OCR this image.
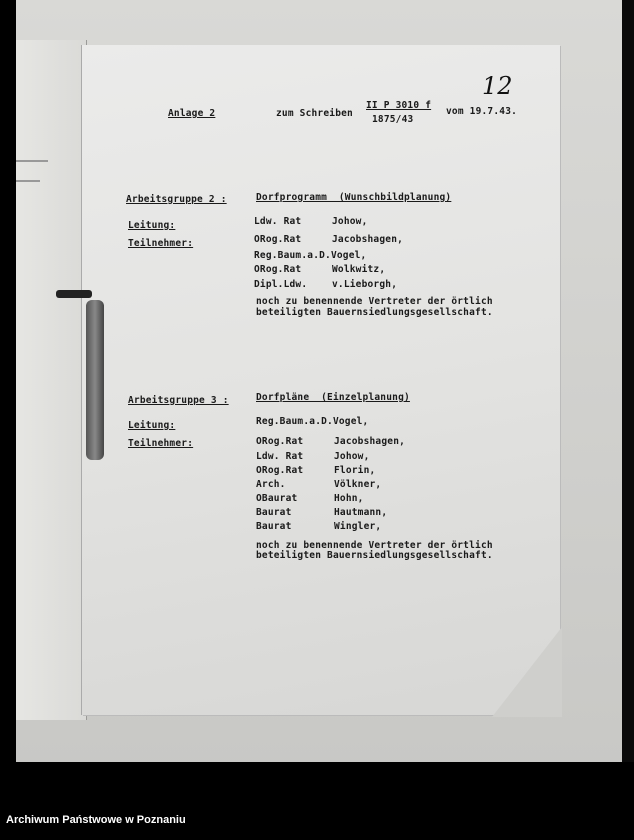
Anlage 2	zum Schreiben
II P 3010 f
1875/43
vom 19.7.43.
12
Arbeitsgruppe 2 :	Dorfprogramm  (Wunschbildplanung)
Leitung:	Ldw. Rat	Johow,
Teilnehmer:	ORog.Rat	Jacobshagen,
Reg.Baum.a.D.Vogel,
ORog.Rat	Wolkwitz,
Dipl.Ldw.	v.Lieborgh,
noch zu benennende Vertreter der örtlich
beteiligten Bauernsiedlungsgesellschaft.
Arbeitsgruppe 3 :	Dorfpläne  (Einzelplanung)
Leitung:	Reg.Baum.a.D.Vogel,
Teilnehmer:	ORog.Rat	Jacobshagen,
Ldw. Rat	Johow,
ORog.Rat	Florin,
Arch.	Völkner,
OBaurat	Hohn,
Baurat	Hautmann,
Baurat	Wingler,
noch zu benennende Vertreter der örtlich
beteiligten Bauernsiedlungsgesellschaft.
Archiwum Państwowe w Poznaniu
